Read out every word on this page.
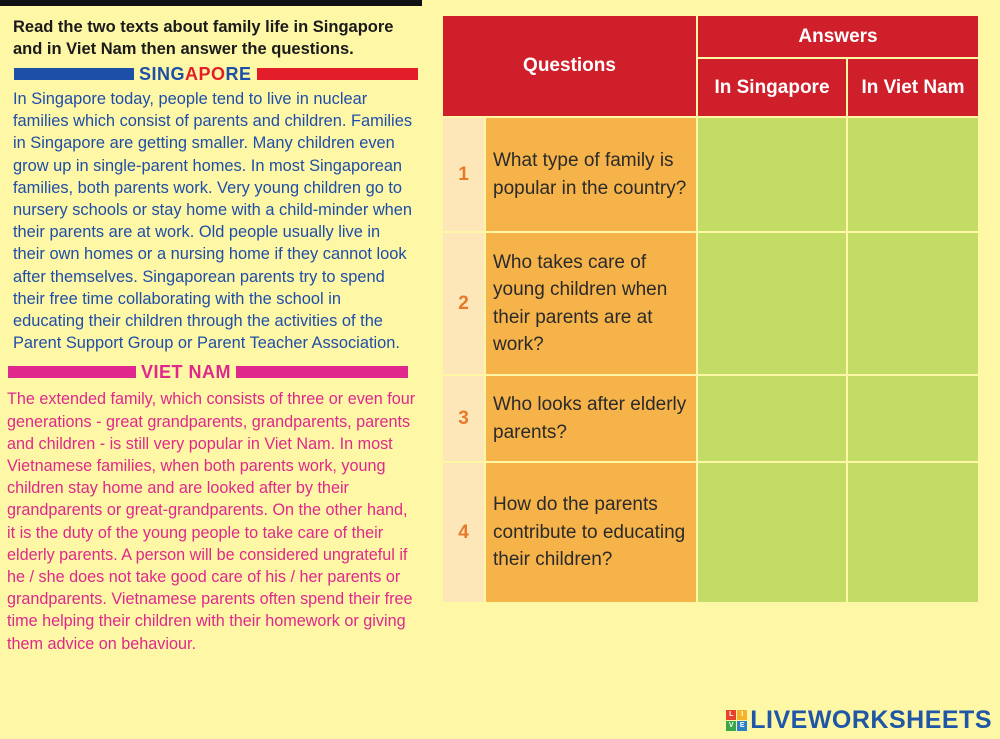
Read the two texts about family life in Singapore and in Viet Nam then answer the questions.

SINGAPORE

In Singapore today, people tend to live in nuclear families which consist of parents and children. Families in Singapore are getting smaller. Many children even grow up in single-parent homes. In most Singaporean families, both parents work. Very young children go to nursery schools or stay home with a child-minder when their parents are at work. Old people usually live in their own homes or a nursing home if they cannot look after themselves. Singaporean parents try to spend their free time collaborating with the school in educating their children through the activities of the Parent Support Group or Parent Teacher Association.

VIET NAM

The extended family, which consists of three or even four generations - great grandparents, grandparents, parents and children - is still very popular in Viet Nam. In most Vietnamese families, when both parents work, young children stay home and are looked after by their grandparents or great-grandparents. On the other hand, it is the duty of the young people to take care of their elderly parents. A person will be considered ungrateful if he / she does not take good care of his / her parents or grandparents. Vietnamese parents often spend their free time helping their children with their homework or giving them advice on behaviour.

Questions		Answers	
		In Singapore	In Viet Nam
1	What type of family is popular in the country?		
2	Who takes care of young children when their parents are at work?		
3	Who looks after elderly parents?		
4	How do the parents contribute to educating their children?		
L	I
V E LIVEWORKSHEETS
